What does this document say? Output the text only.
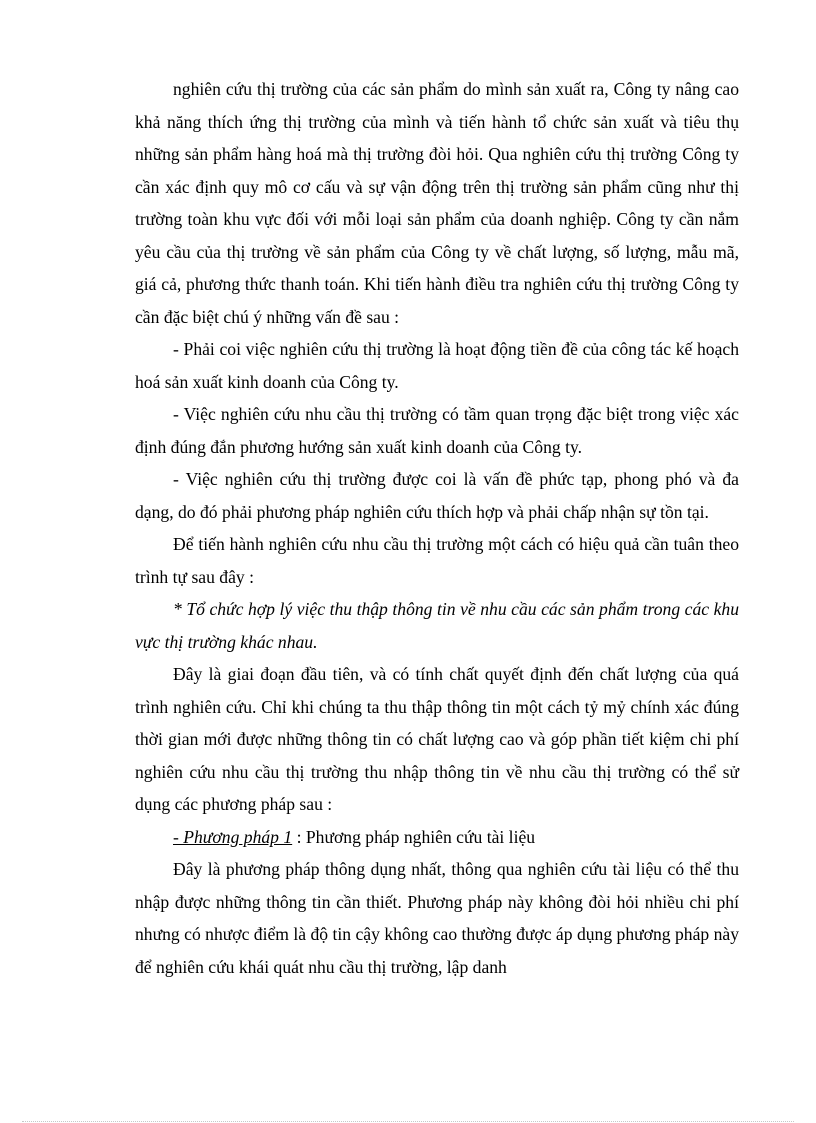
nghiên cứu thị trường của các sản phẩm do mình sản xuất ra, Công ty nâng cao khả năng thích ứng thị trường của mình và tiến hành tổ chức sản xuất và tiêu thụ những sản phẩm hàng hoá mà thị trường đòi hỏi. Qua nghiên cứu thị trường Công ty cần xác định quy mô cơ cấu và sự vận động trên thị trường sản phẩm cũng như thị trường toàn khu vực đối với mỗi loại sản phẩm của doanh nghiệp. Công ty cần nắm yêu cầu của thị trường về sản phẩm của Công ty về chất lượng, số lượng, mẫu mã, giá cả, phương thức thanh toán. Khi tiến hành điều tra nghiên cứu thị trường Công ty cần đặc biệt chú ý những vấn đề sau :

- Phải coi việc nghiên cứu thị trường là hoạt động tiền đề của công tác kế hoạch hoá sản xuất kinh doanh của Công ty.

- Việc nghiên cứu nhu cầu thị trường có tầm quan trọng đặc biệt trong việc xác định đúng đắn phương hướng sản xuất kinh doanh của Công ty.

- Việc nghiên cứu thị trường được coi là vấn đề phức tạp, phong phó và đa dạng, do đó phải phương pháp nghiên cứu thích hợp và phải chấp nhận sự tồn tại.

Để tiến hành nghiên cứu nhu cầu thị trường một cách có hiệu quả cần tuân theo trình tự sau đây :

* Tổ chức hợp lý việc thu thập thông tin về nhu cầu các sản phẩm trong các khu vực thị trường khác nhau.

Đây là giai đoạn đầu tiên, và có tính chất quyết định đến chất lượng của quá trình nghiên cứu. Chỉ khi chúng ta thu thập thông tin một cách tỷ mỷ chính xác đúng thời gian mới được những thông tin có chất lượng cao và góp phần tiết kiệm chi phí nghiên cứu nhu cầu thị trường thu nhập thông tin về nhu cầu thị trường có thể sử dụng các phương pháp sau :

- Phương pháp 1 : Phương pháp nghiên cứu tài liệu

Đây là phương pháp thông dụng nhất, thông qua nghiên cứu tài liệu có thể thu nhập được những thông tin cần thiết. Phương pháp này không đòi hỏi nhiều chi phí nhưng có nhược điểm là độ tin cậy không cao thường được áp dụng phương pháp này để nghiên cứu khái quát nhu cầu thị trường, lập danh
